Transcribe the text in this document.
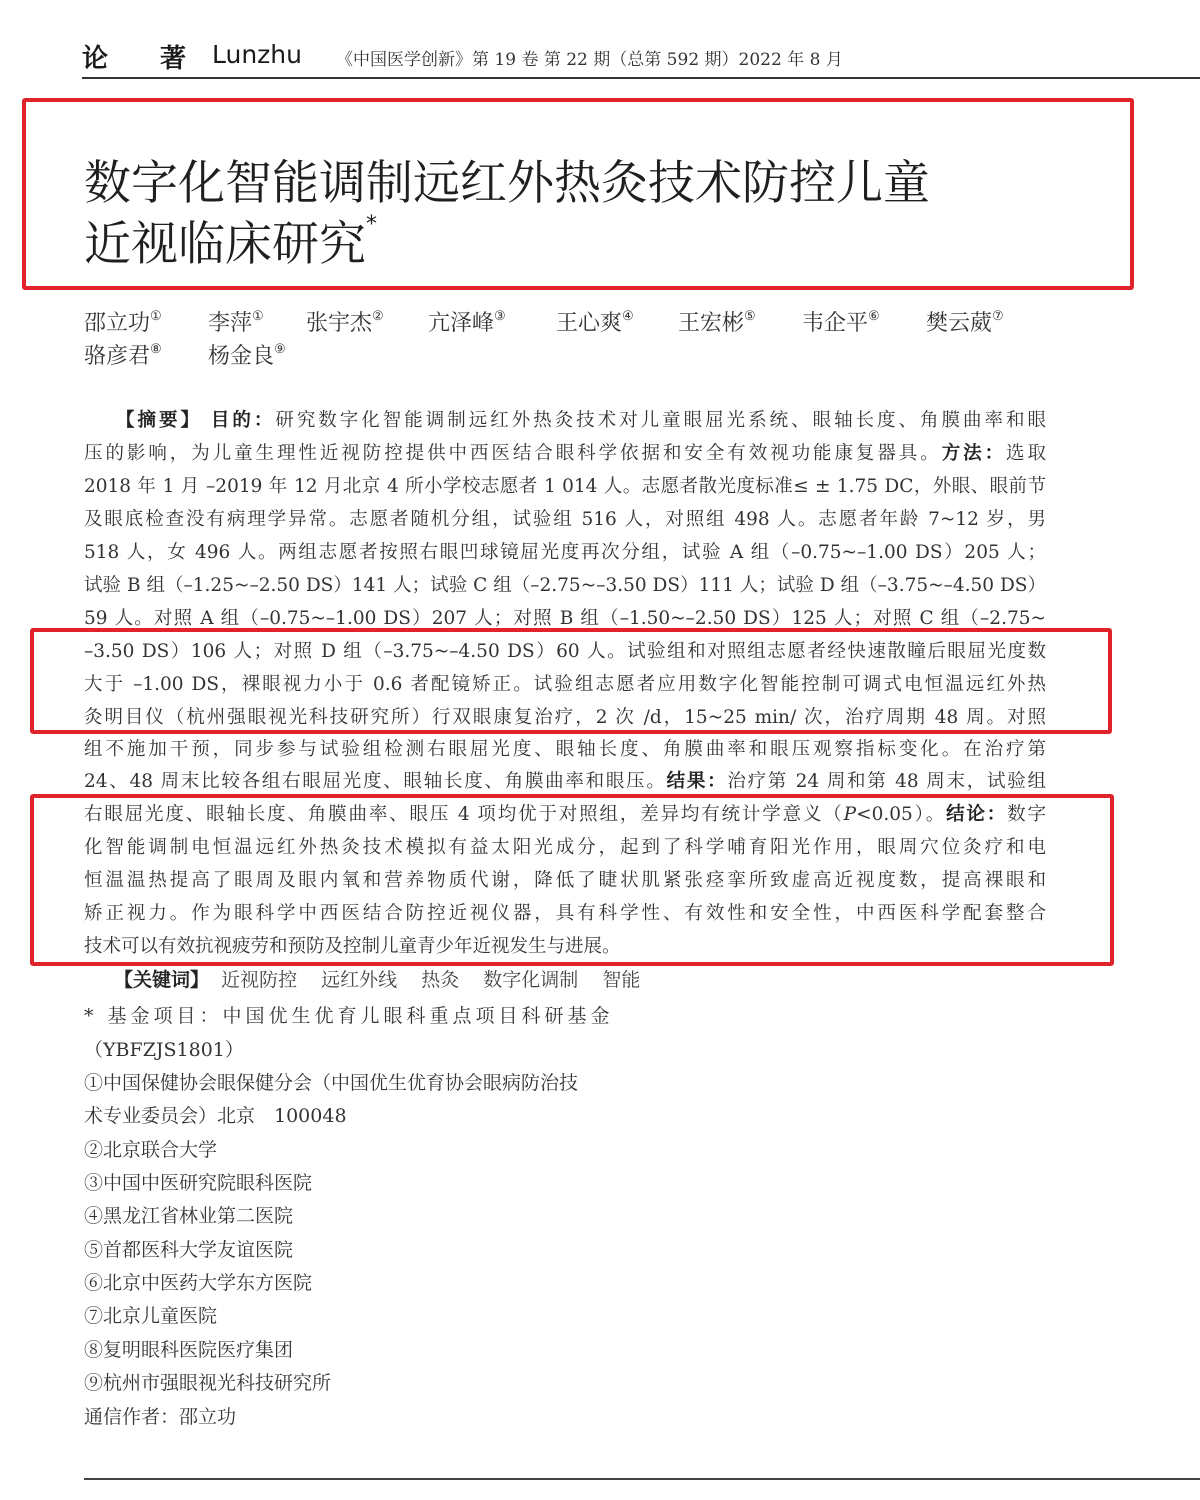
论　　著 Lunzhu 《中国医学创新》第 19 卷 第 22 期（总第 592 期）2022 年 8 月
数字化智能调制远红外热灸技术防控儿童
近视临床研究*
邵立功① 李萍① 张宇杰② 亢泽峰③ 王心爽④ 王宏彬⑤ 韦企平⑥ 樊云葳⑦
骆彦君⑧ 杨金良⑨
【摘要】 目的：研究数字化智能调制远红外热灸技术对儿童眼屈光系统、眼轴长度、角膜曲率和眼
压的影响，为儿童生理性近视防控提供中西医结合眼科学依据和安全有效视功能康复器具。方法：选取
2018 年 1 月 –2019 年 12 月北京 4 所小学校志愿者 1 014 人。志愿者散光度标准≤ ± 1.75 DC，外眼、眼前节
及眼底检查没有病理学异常。志愿者随机分组，试验组 516 人，对照组 498 人。志愿者年龄 7~12 岁，男
518 人，女 496 人。两组志愿者按照右眼凹球镜屈光度再次分组，试验 A 组（–0.75~–1.00 DS）205 人；
试验 B 组（–1.25~–2.50 DS）141 人；试验 C 组（–2.75~–3.50 DS）111 人；试验 D 组（–3.75~–4.50 DS）
59 人。对照 A 组（–0.75~–1.00 DS）207 人；对照 B 组（–1.50~–2.50 DS）125 人；对照 C 组（–2.75~
–3.50 DS）106 人；对照 D 组（–3.75~–4.50 DS）60 人。试验组和对照组志愿者经快速散瞳后眼屈光度数
大于 –1.00 DS，裸眼视力小于 0.6 者配镜矫正。试验组志愿者应用数字化智能控制可调式电恒温远红外热
灸明目仪（杭州强眼视光科技研究所）行双眼康复治疗，2 次 /d，15~25 min/ 次，治疗周期 48 周。对照
组不施加干预，同步参与试验组检测右眼屈光度、眼轴长度、角膜曲率和眼压观察指标变化。在治疗第
24、48 周末比较各组右眼屈光度、眼轴长度、角膜曲率和眼压。结果：治疗第 24 周和第 48 周末，试验组
右眼屈光度、眼轴长度、角膜曲率、眼压 4 项均优于对照组，差异均有统计学意义（P<0.05）。结论：数字
化智能调制电恒温远红外热灸技术模拟有益太阳光成分，起到了科学哺育阳光作用，眼周穴位灸疗和电
恒温温热提高了眼周及眼内氧和营养物质代谢，降低了睫状肌紧张痉挛所致虚高近视度数，提高裸眼和
矫正视力。作为眼科学中西医结合防控近视仪器，具有科学性、有效性和安全性，中西医科学配套整合
技术可以有效抗视疲劳和预防及控制儿童青少年近视发生与进展。
【关键词】 近视防控 远红外线 热灸 数字化调制 智能
* 基金项目：中国优生优育儿眼科重点项目科研基金
（YBFZJS1801）
①中国保健协会眼保健分会（中国优生优育协会眼病防治技
术专业委员会）北京　100048
②北京联合大学
③中国中医研究院眼科医院
④黑龙江省林业第二医院
⑤首都医科大学友谊医院
⑥北京中医药大学东方医院
⑦北京儿童医院
⑧复明眼科医院医疗集团
⑨杭州市强眼视光科技研究所
通信作者：邵立功
